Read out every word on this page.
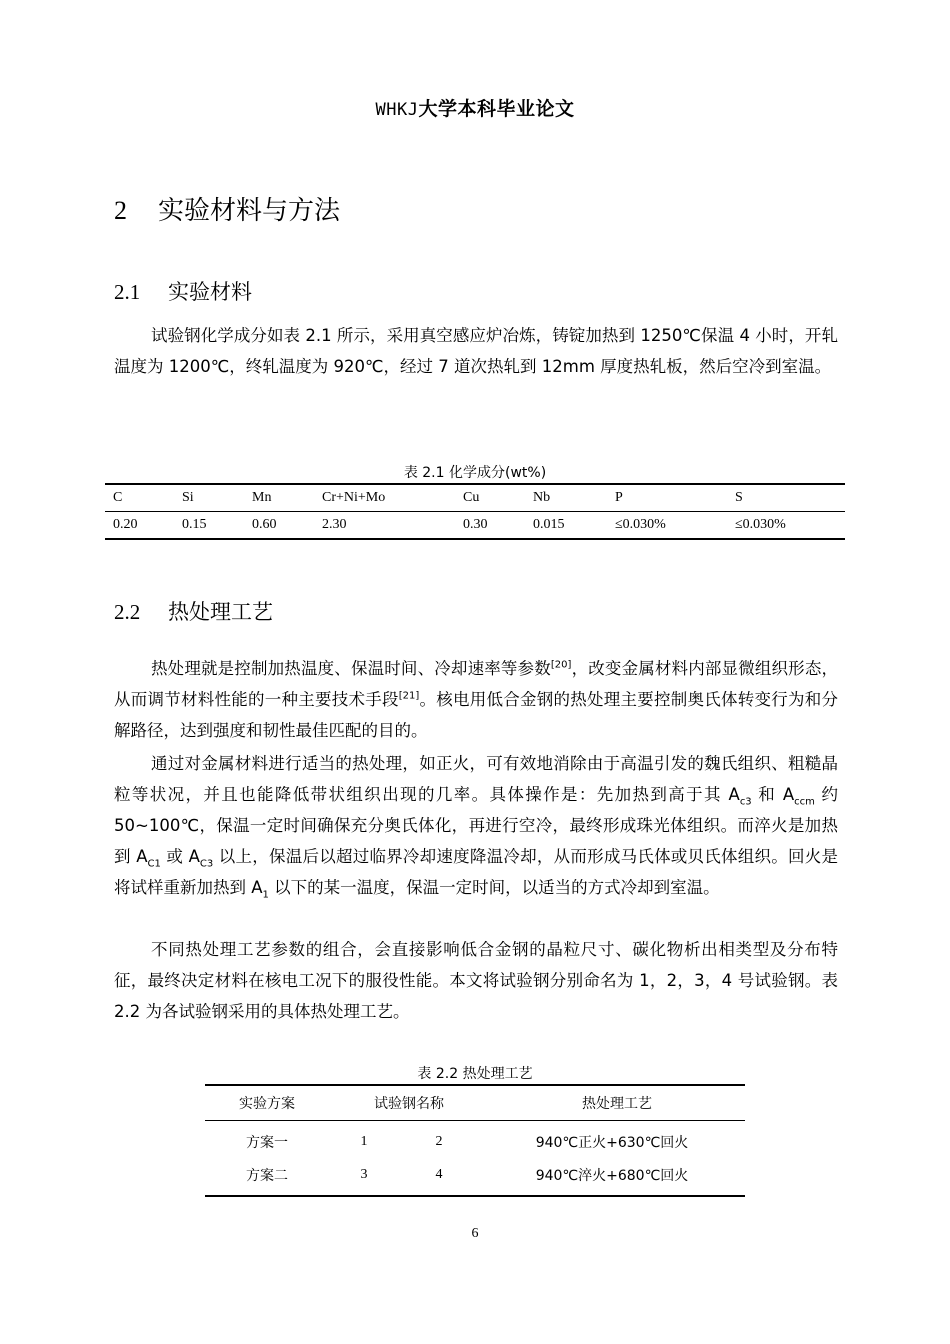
WHKJ大学本科毕业论文
2 实验材料与方法
2.1 实验材料

试验钢化学成分如表 2.1 所示，采用真空感应炉冶炼，铸锭加热到 1250℃保温 4 小时，开轧温度为 1200℃，终轧温度为 920℃，经过 7 道次热轧到 12mm 厚度热轧板，然后空冷到室温。

表 2.1 化学成分(wt%)
C	Si	Mn	Cr+Ni+Mo	Cu	Nb	P	S
0.20	0.15	0.60	2.30	0.30	0.015	≤0.030%	≤0.030%
2.2 热处理工艺

热处理就是控制加热温度、保温时间、冷却速率等参数[20]，改变金属材料内部显微组织形态，从而调节材料性能的一种主要技术手段[21]。核电用低合金钢的热处理主要控制奥氏体转变行为和分解路径，达到强度和韧性最佳匹配的目的。

通过对金属材料进行适当的热处理，如正火，可有效地消除由于高温引发的魏氏组织、粗糙晶粒等状况，并且也能降低带状组织出现的几率。具体操作是：先加热到高于其 $A_{c3}$ 和 $A_{ccm}$ 约 50~100℃，保温一定时间确保充分奥氏体化，再进行空冷，最终形成珠光体组织。而淬火是加热到 $A_{C1}$ 或 $A_{C3}$ 以上，保温后以超过临界冷却速度降温冷却，从而形成马氏体或贝氏体组织。回火是将试样重新加热到 $A_1$ 以下的某一温度，保温一定时间，以适当的方式冷却到室温。

不同热处理工艺参数的组合，会直接影响低合金钢的晶粒尺寸、碳化物析出相类型及分布特征，最终决定材料在核电工况下的服役性能。本文将试验钢分别命名为 1，2，3，4 号试验钢。表 2.2 为各试验钢采用的具体热处理工艺。

表 2.2 热处理工艺
实验方案	试验钢名称	热处理工艺
方案一	1	2	940℃正火+630℃回火
方案二	3	4	940℃淬火+680℃回火
6
